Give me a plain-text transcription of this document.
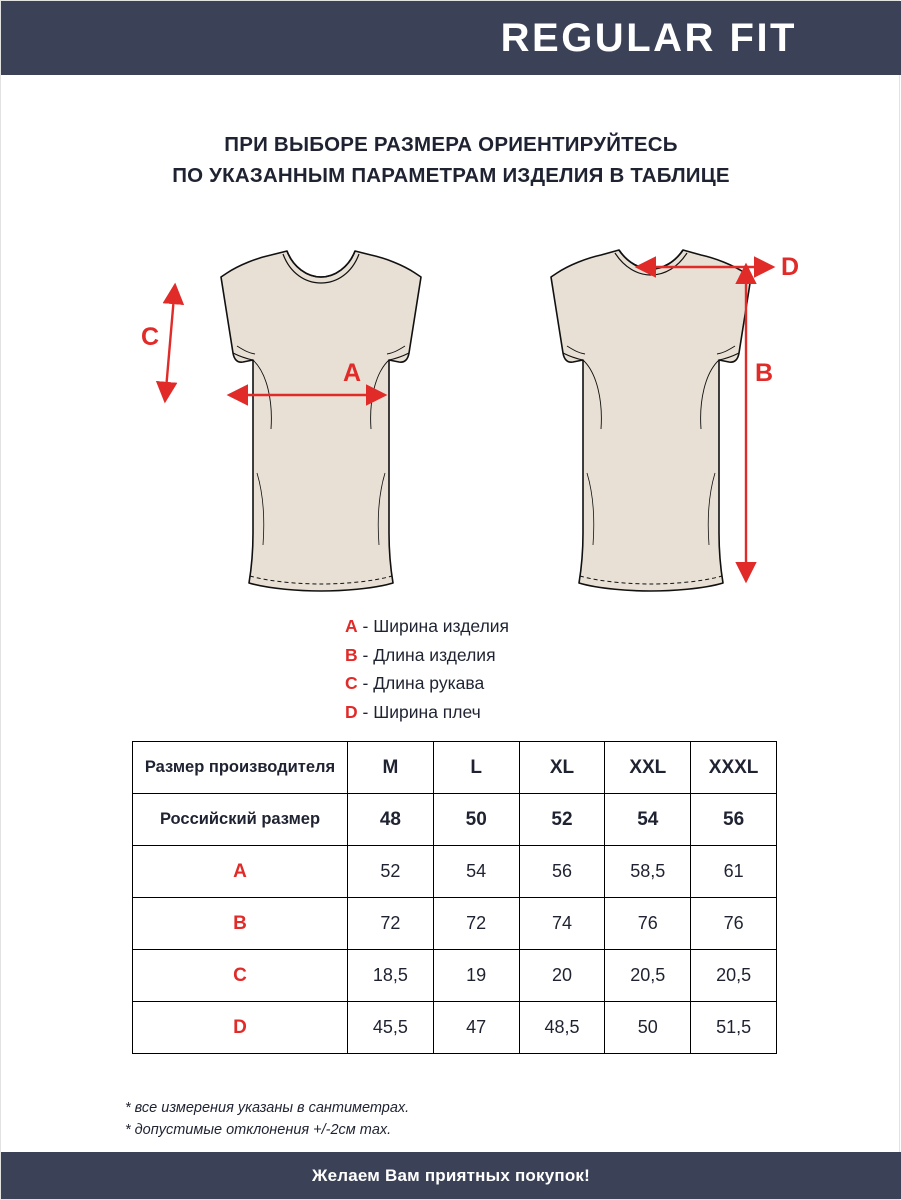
REGULAR FIT
ПРИ ВЫБОРЕ РАЗМЕРА ОРИЕНТИРУЙТЕСЬ
ПО УКАЗАННЫМ ПАРАМЕТРАМ ИЗДЕЛИЯ В ТАБЛИЦЕ
A
C
B
D
A - Ширина изделия
B - Длина изделия
C - Длина рукава
D - Ширина плеч
Размер производителя	M	L	XL	XXL	XXXL
Российский размер	48	50	52	54	56
A	52	54	56	58,5	61
B	72	72	74	76	76
C	18,5	19	20	20,5	20,5
D	45,5	47	48,5	50	51,5
* все измерения указаны в сантиметрах.
* допустимые отклонения +/-2см max.
Желаем Вам приятных покупок!
